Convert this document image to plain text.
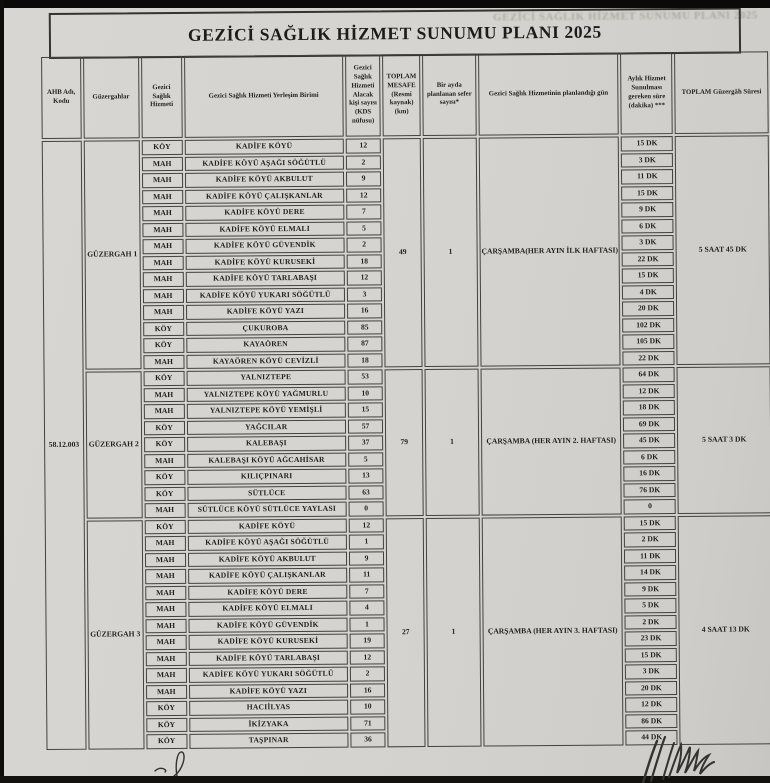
GEZİCİ SAĞLIK HİZMET SUNUMU PLANI 2025
GEZİCİ SAĞLIK HİZMET SUNUMU PLANI 2025
AHB Adı, Kodu	Güzergahlar	Gezici Sağlık Hizmeti	Gezici Sağlık Hizmeti Yerleşim Birimi	Gezici Sağlık Hizmeti Alacak kişi sayısı (KDS nüfusu)	TOPLAM MESAFE (Resmi kaynak) (km)	Bir ayda planlanan sefer sayısı*	Gezici Sağlık Hizmetinin planlandığı gün	Aylık Hizmet Sunulması gereken süre (dakika) ***	TOPLAM Güzergâh Süresi
58.12.003	GÜZERGAH 1	KÖY	KADİFE KÖYÜ	12	49	1	ÇARŞAMBA(HER AYIN İLK HAFTASI)	15 DK	5 SAAT 45 DK
		MAH	KADİFE KÖYÜ AŞAĞI SÖĞÜTLÜ	2				3 DK	
		MAH	KADİFE KÖYÜ AKBULUT	9				11 DK	
		MAH	KADİFE KÖYÜ ÇALIŞKANLAR	12				15 DK	
		MAH	KADİFE KÖYÜ DERE	7				9 DK	
		MAH	KADİFE KÖYÜ ELMALI	5				6 DK	
		MAH	KADİFE KÖYÜ GÜVENDİK	2				3 DK	
		MAH	KADİFE KÖYÜ KURUSEKİ	18				22 DK	
		MAH	KADİFE KÖYÜ TARLABAŞI	12				15 DK	
		MAH	KADİFE KÖYÜ YUKARI SÖĞÜTLÜ	3				4 DK	
		MAH	KADİFE KÖYÜ YAZI	16				20 DK	
		KÖY	ÇUKUROBA	85				102 DK	
		KÖY	KAYAÖREN	87				105 DK	
		MAH	KAYAÖREN KÖYÜ CEVİZLİ	18				22 DK	
	GÜZERGAH 2	KÖY	YALNIZTEPE	53	79	1	ÇARŞAMBA (HER AYIN 2. HAFTASI)	64 DK	5 SAAT 3 DK
		MAH	YALNIZTEPE KÖYÜ YAĞMURLU	10				12 DK	
		MAH	YALNIZTEPE KÖYÜ YEMİŞLİ	15				18 DK	
		KÖY	YAĞCILAR	57				69 DK	
		KÖY	KALEBAŞI	37				45 DK	
		MAH	KALEBAŞI KÖYÜ AĞCAHİSAR	5				6 DK	
		KÖY	KILIÇPINARI	13				16 DK	
		KÖY	SÜTLÜCE	63				76 DK	
		MAH	SÜTLÜCE KÖYÜ SÜTLÜCE YAYLASI	0				0	
	GÜZERGAH 3	KÖY	KADİFE KÖYÜ	12	27	1	ÇARŞAMBA (HER AYIN 3. HAFTASI)	15 DK	4 SAAT 13 DK
		MAH	KADİFE KÖYÜ AŞAĞI SÖĞÜTLÜ	1				2 DK	
		MAH	KADİFE KÖYÜ AKBULUT	9				11 DK	
		MAH	KADİFE KÖYÜ ÇALIŞKANLAR	11				14 DK	
		MAH	KADİFE KÖYÜ DERE	7				9 DK	
		MAH	KADİFE KÖYÜ ELMALI	4				5 DK	
		MAH	KADİFE KÖYÜ GÜVENDİK	1				2 DK	
		MAH	KADİFE KÖYÜ KURUSEKİ	19				23 DK	
		MAH	KADİFE KÖYÜ TARLABAŞI	12				15 DK	
		MAH	KADİFE KÖYÜ YUKARI SÖĞÜTLÜ	2				3 DK	
		MAH	KADİFE KÖYÜ YAZI	16				20 DK	
		KÖY	HACIİLYAS	10				12 DK	
		KÖY	İKİZYAKA	71				86 DK	
		KÖY	TAŞPINAR	36				44 DK	
